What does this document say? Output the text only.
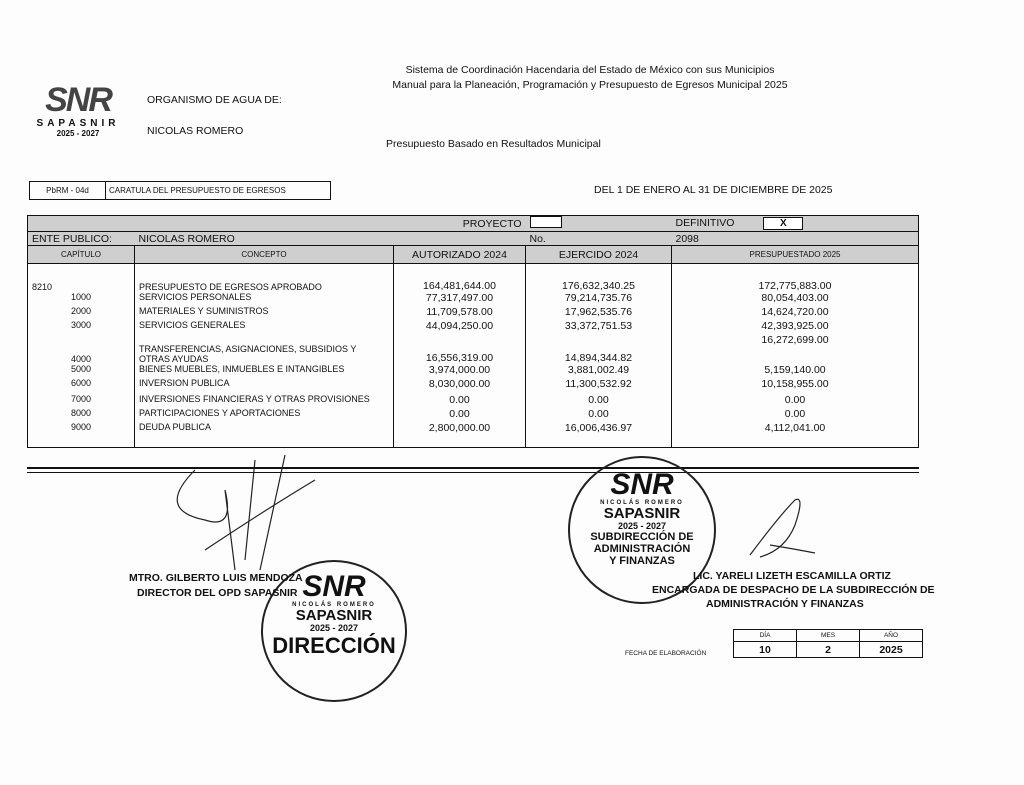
SNR
SAPASNIR
2025 - 2027
Sistema de Coordinación Hacendaria del Estado de México con sus Municipios
Manual para la Planeación, Programación y Presupuesto de Egresos Municipal 2025
ORGANISMO DE AGUA DE:
NICOLAS ROMERO
Presupuesto Basado en Resultados Municipal
PbRM - 04d	CARATULA DEL PRESUPUESTO DE EGRESOS	DEL 1 DE ENERO AL 31 DE DICIEMBRE DE 2025
PROYECTO				DEFINITIVO X
ENTE PUBLICO:	NICOLAS ROMERO		No.	2098
CAPÍTULO	CONCEPTO	AUTORIZADO 2024	EJERCIDO 2024	PRESUPUESTADO 2025
8210	PRESUPUESTO DE EGRESOS APROBADO	164,481,644.00	176,632,340.25	172,775,883.00
1000	SERVICIOS PERSONALES	77,317,497.00	79,214,735.76	80,054,403.00
2000	MATERIALES Y SUMINISTROS	11,709,578.00	17,962,535.76	14,624,720.00
3000	SERVICIOS GENERALES	44,094,250.00	33,372,751.53	42,393,925.00
4000	TRANSFERENCIAS, ASIGNACIONES, SUBSIDIOS Y OTRAS AYUDAS	16,556,319.00	14,894,344.82	16,272,699.00
5000	BIENES MUEBLES, INMUEBLES E INTANGIBLES	3,974,000.00	3,881,002.49	5,159,140.00
6000	INVERSION PUBLICA	8,030,000.00	11,300,532.92	10,158,955.00
7000	INVERSIONES FINANCIERAS Y OTRAS PROVISIONES	0.00	0.00	0.00
8000	PARTICIPACIONES Y APORTACIONES	0.00	0.00	0.00
9000	DEUDA PUBLICA	2,800,000.00	16,006,436.97	4,112,041.00
SNR
NICOLÁS ROMERO
SAPASNIR
2025 - 2027
SUBDIRECCIÓN DE
ADMINISTRACIÓN
Y FINANZAS
SNR
NICOLÁS ROMERO
SAPASNIR
2025 - 2027
DIRECCIÓN
MTRO. GILBERTO LUIS MENDOZA
DIRECTOR DEL OPD SAPASNIR
LIC. YARELI LIZETH ESCAMILLA ORTIZ
ENCARGADA DE DESPACHO DE LA SUBDIRECCIÓN DE
ADMINISTRACIÓN Y FINANZAS
FECHA DE ELABORACIÓN
DÍA	MES	AÑO
10	2	2025
